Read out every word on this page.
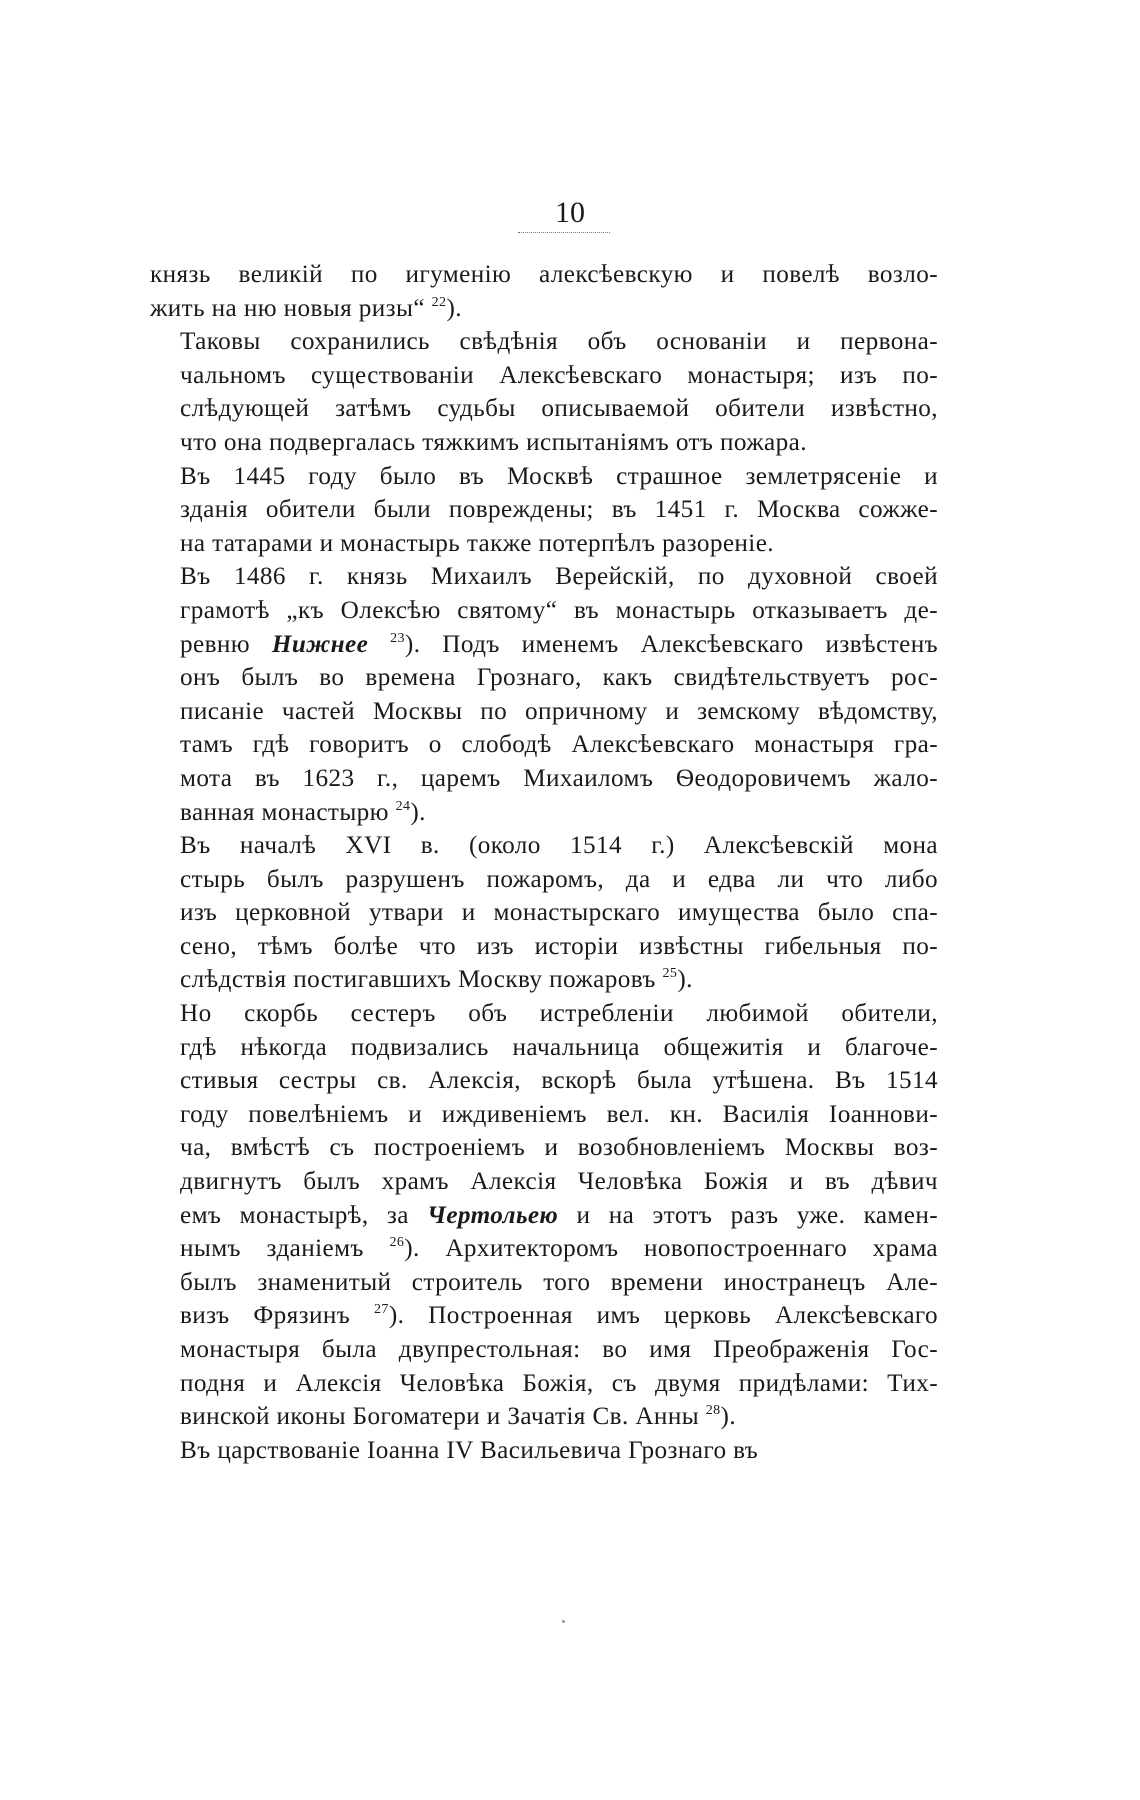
10

князь великій по игуменію алексѣевскую и повелѣ возло-
жить на ню новыя ризы“ $^{22}$).

Таковы сохранились свѣдѣнія объ основаніи и первона-
чальномъ существованіи Алексѣевскаго монастыря; изъ по-
слѣдующей затѣмъ судьбы описываемой обители извѣстно,
что она подвергалась тяжкимъ испытаніямъ отъ пожара.

Въ 1445 году было въ Москвѣ страшное землетрясеніе и
зданія обители были повреждены; въ 1451 г. Москва сожже-
на татарами и монастырь также потерпѣлъ разореніе.

Въ 1486 г. князь Михаилъ Верейскій, по духовной своей
грамотѣ „къ Олексѣю святому“ въ монастырь отказываетъ де-
ревню Нижнее $^{23}$). Подъ именемъ Алексѣевскаго извѣстенъ
онъ былъ во времена Грознаго, какъ свидѣтельствуетъ рос-
писаніе частей Москвы по опричному и земскому вѣдомству,
тамъ гдѣ говоритъ о слободѣ Алексѣевскаго монастыря гра-
мота въ 1623 г., царемъ Михаиломъ Ѳеодоровичемъ жало-
ванная монастырю $^{24}$).

Въ началѣ XVI в. (около 1514 г.) Алексѣевскій мона
стырь былъ разрушенъ пожаромъ, да и едва ли что либо
изъ церковной утвари и монастырскаго имущества было спа-
сено, тѣмъ болѣе что изъ исторіи извѣстны гибельныя по-
слѣдствія постигавшихъ Москву пожаровъ $^{25}$).

Но скорбь сестеръ объ истребленіи любимой обители,
гдѣ нѣкогда подвизались начальница общежитія и благоче-
стивыя сестры св. Алексія, вскорѣ была утѣшена. Въ 1514
году повелѣніемъ и иждивеніемъ вел. кн. Василія Іоаннови-
ча, вмѣстѣ съ построеніемъ и возобновленіемъ Москвы воз-
двигнутъ былъ храмъ Алексія Человѣка Божія и въ дѣвич
емъ монастырѣ, за Чертольею и на этотъ разъ уже. камен-
нымъ зданіемъ $^{26}$). Архитекторомъ новопостроеннаго храма
былъ знаменитый строитель того времени иностранецъ Але-
визъ Фрязинъ $^{27}$). Построенная имъ церковь Алексѣевскаго
монастыря была двупрестольная: во имя Преображенія Гос-
подня и Алексія Человѣка Божія, съ двумя придѣлами: Тих-
винской иконы Богоматери и Зачатія Св. Анны $^{28}$).

Въ царствованіе Іоанна IV Васильевича Грознаго въ
